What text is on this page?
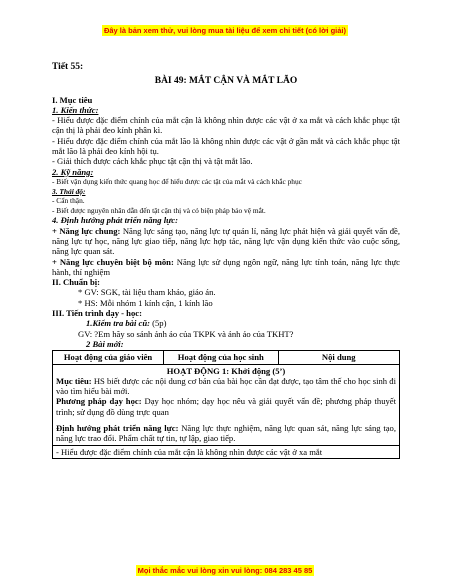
Đây là bản xem thử, vui lòng mua tài liệu để xem chi tiết (có lời giải)
Tiết 55:
BÀI 49: MẮT CẬN VÀ MẮT LÃO
I. Mục tiêu
1. Kiến thức:
- Hiểu được đặc điểm chính của mắt cận là không nhìn được các vật ở xa mắt và cách khắc phục tật cận thị là phải đeo kính phân kì.
- Hiểu được đặc điểm chính của mắt lão là không nhìn được các vật ở gần mắt và cách khắc phục tật mắt lão là phải đeo kính hội tụ.
- Giải thích được cách khắc phục tật cận thị và tật mắt lão.
2. Kỹ năng:
- Biết vận dụng kiến thức quang học để hiểu được các tật của mắt và cách khắc phục
3. Thái độ:
- Cẩn thận.
- Biết được nguyên nhân dẫn đến tật cận thị và có biện pháp bảo vệ mắt.
4. Định hướng phát triển năng lực:
+ Năng lực chung: Năng lực sáng tạo, năng lực tự quản lí, năng lực phát hiện và giải quyết vấn đề, năng lực tự học, năng lực giao tiếp, năng lực hợp tác, năng lực vận dụng kiến thức vào cuộc sống, năng lực quan sát.
+ Năng lực chuyên biệt bộ môn: Năng lực sử dụng ngôn ngữ, năng lực tính toán, năng lực thực hành, thí nghiệm
II. Chuẩn bị:
* GV: SGK, tài liệu tham khảo, giáo án.
* HS: Mỗi nhóm 1 kính cận, 1 kính lão
III. Tiến trình dạy - học:
1.Kiểm tra bài cũ: (5p)
GV: ?Em hãy so sánh ảnh ảo của TKPK và ảnh ảo của TKHT?
2 Bài mới:
Hoạt động của giáo viên	Hoạt động của học sinh	Nội dung

HOẠT ĐỘNG 1: Khởi động (5’)
Mục tiêu: HS biết được các nội dung cơ bản của bài học cần đạt được, tạo tâm thế cho học sinh đi vào tìm hiểu bài mới.
Phương pháp dạy học: Dạy học nhóm; dạy học nêu và giải quyết vấn đề; phương pháp thuyết trình; sử dụng đồ dùng trực quan
Định hướng phát triển năng lực: Năng lực thực nghiệm, năng lực quan sát, năng lực sáng tạo, năng lực trao đổi. Phẩm chất tự tin, tự lập, giao tiếp.

- Hiểu được đặc điểm chính của mắt cận là không nhìn được các vật ở xa mắt
Mọi thắc mắc vui lòng xin vui lòng: 084 283 45 85
